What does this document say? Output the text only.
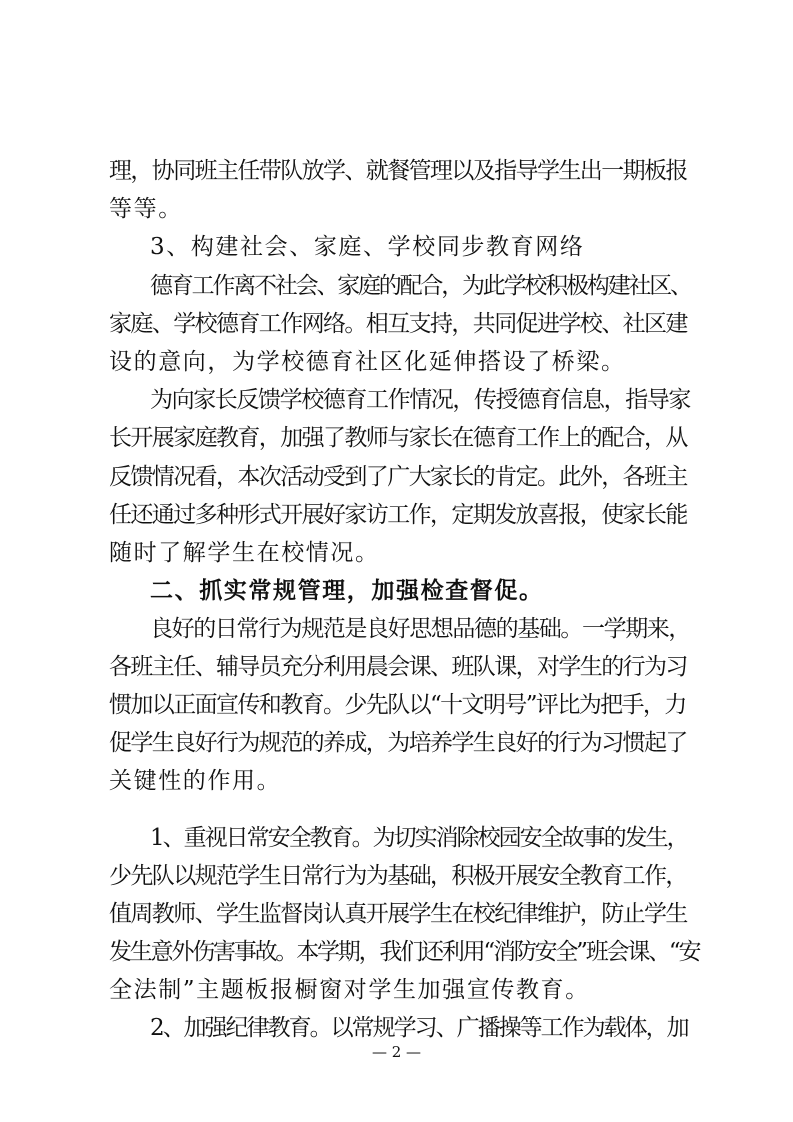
理，协同班主任带队放学、就餐管理以及指导学生出一期板报
等等。
3、构建社会、家庭、学校同步教育网络
德育工作离不社会、家庭的配合，为此学校积极构建社区、
家庭、学校德育工作网络。相互支持，共同促进学校、社区建
设的意向，为学校德育社区化延伸搭设了桥梁。
为向家长反馈学校德育工作情况，传授德育信息，指导家
长开展家庭教育，加强了教师与家长在德育工作上的配合，从
反馈情况看，本次活动受到了广大家长的肯定。此外，各班主
任还通过多种形式开展好家访工作，定期发放喜报，使家长能
随时了解学生在校情况。
二、抓实常规管理，加强检查督促。
良好的日常行为规范是良好思想品德的基础。一学期来，
各班主任、辅导员充分利用晨会课、班队课，对学生的行为习
惯加以正面宣传和教育。少先队以“十文明号”评比为把手，力
促学生良好行为规范的养成，为培养学生良好的行为习惯起了
关键性的作用。
1、重视日常安全教育。为切实消除校园安全故事的发生，
少先队以规范学生日常行为为基础，积极开展安全教育工作，
值周教师、学生监督岗认真开展学生在校纪律维护，防止学生
发生意外伤害事故。本学期，我们还利用“消防安全”班会课、“安
全法制”主题板报橱窗对学生加强宣传教育。
2、加强纪律教育。以常规学习、广播操等工作为载体，加
— 2 —
